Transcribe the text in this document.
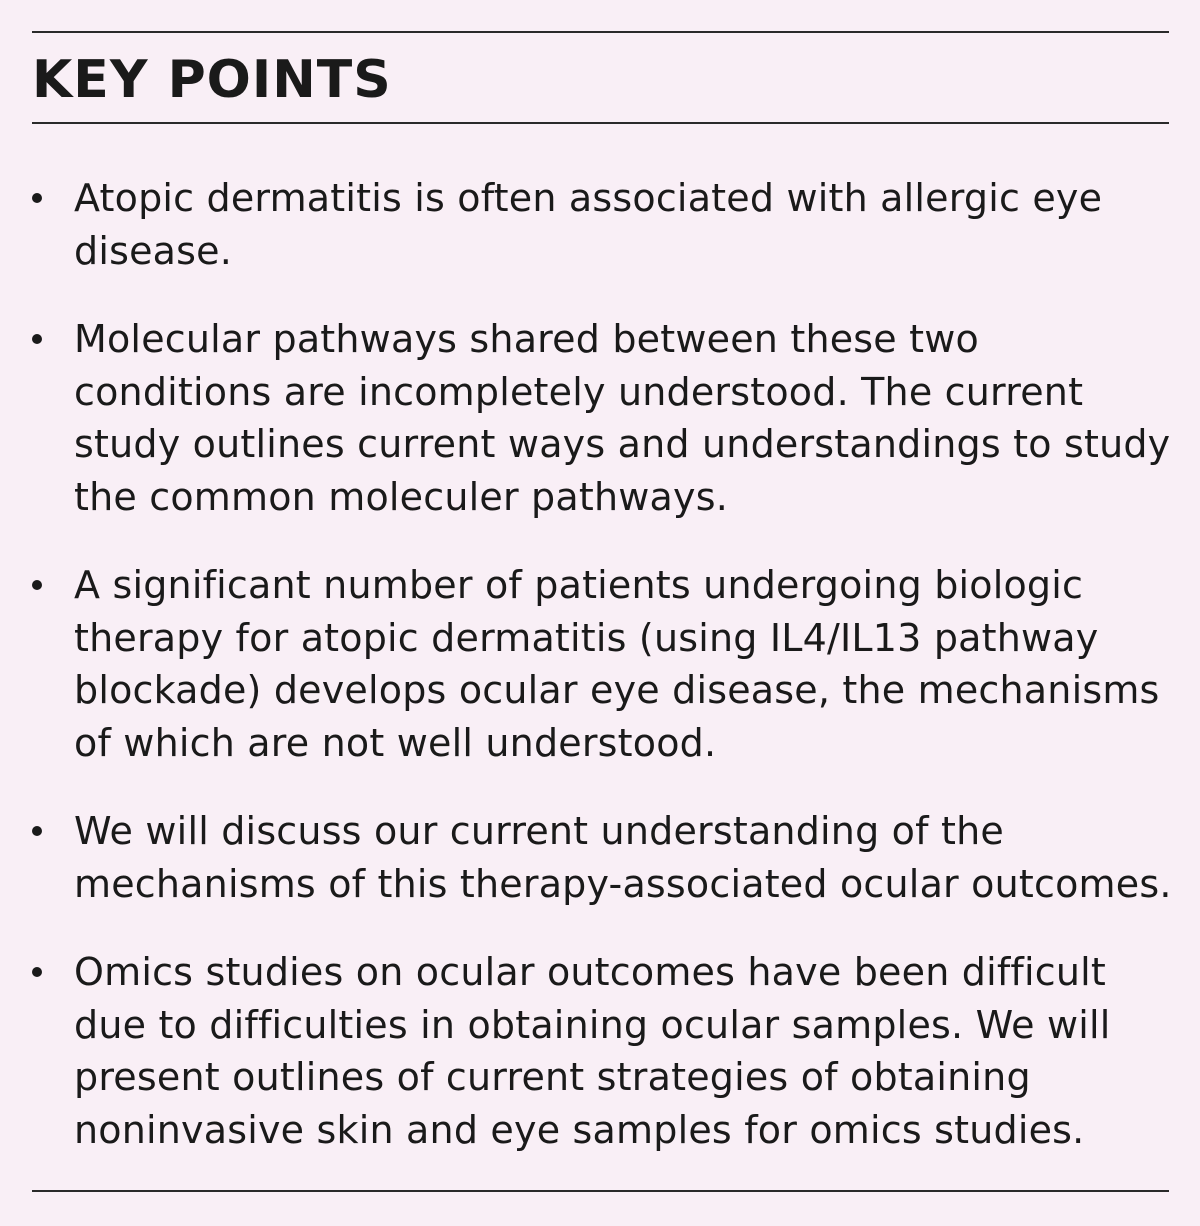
KEY POINTS
Atopic dermatitis is often associated with allergic eye disease.
Molecular pathways shared between these two conditions are incompletely understood. The current study outlines current ways and understandings to study the common moleculer pathways.
A significant number of patients undergoing biologic therapy for atopic dermatitis (using IL4/IL13 pathway blockade) develops ocular eye disease, the mechanisms of which are not well understood.
We will discuss our current understanding of the mechanisms of this therapy-associated ocular outcomes.
Omics studies on ocular outcomes have been difficult due to difficulties in obtaining ocular samples. We will present outlines of current strategies of obtaining noninvasive skin and eye samples for omics studies.
